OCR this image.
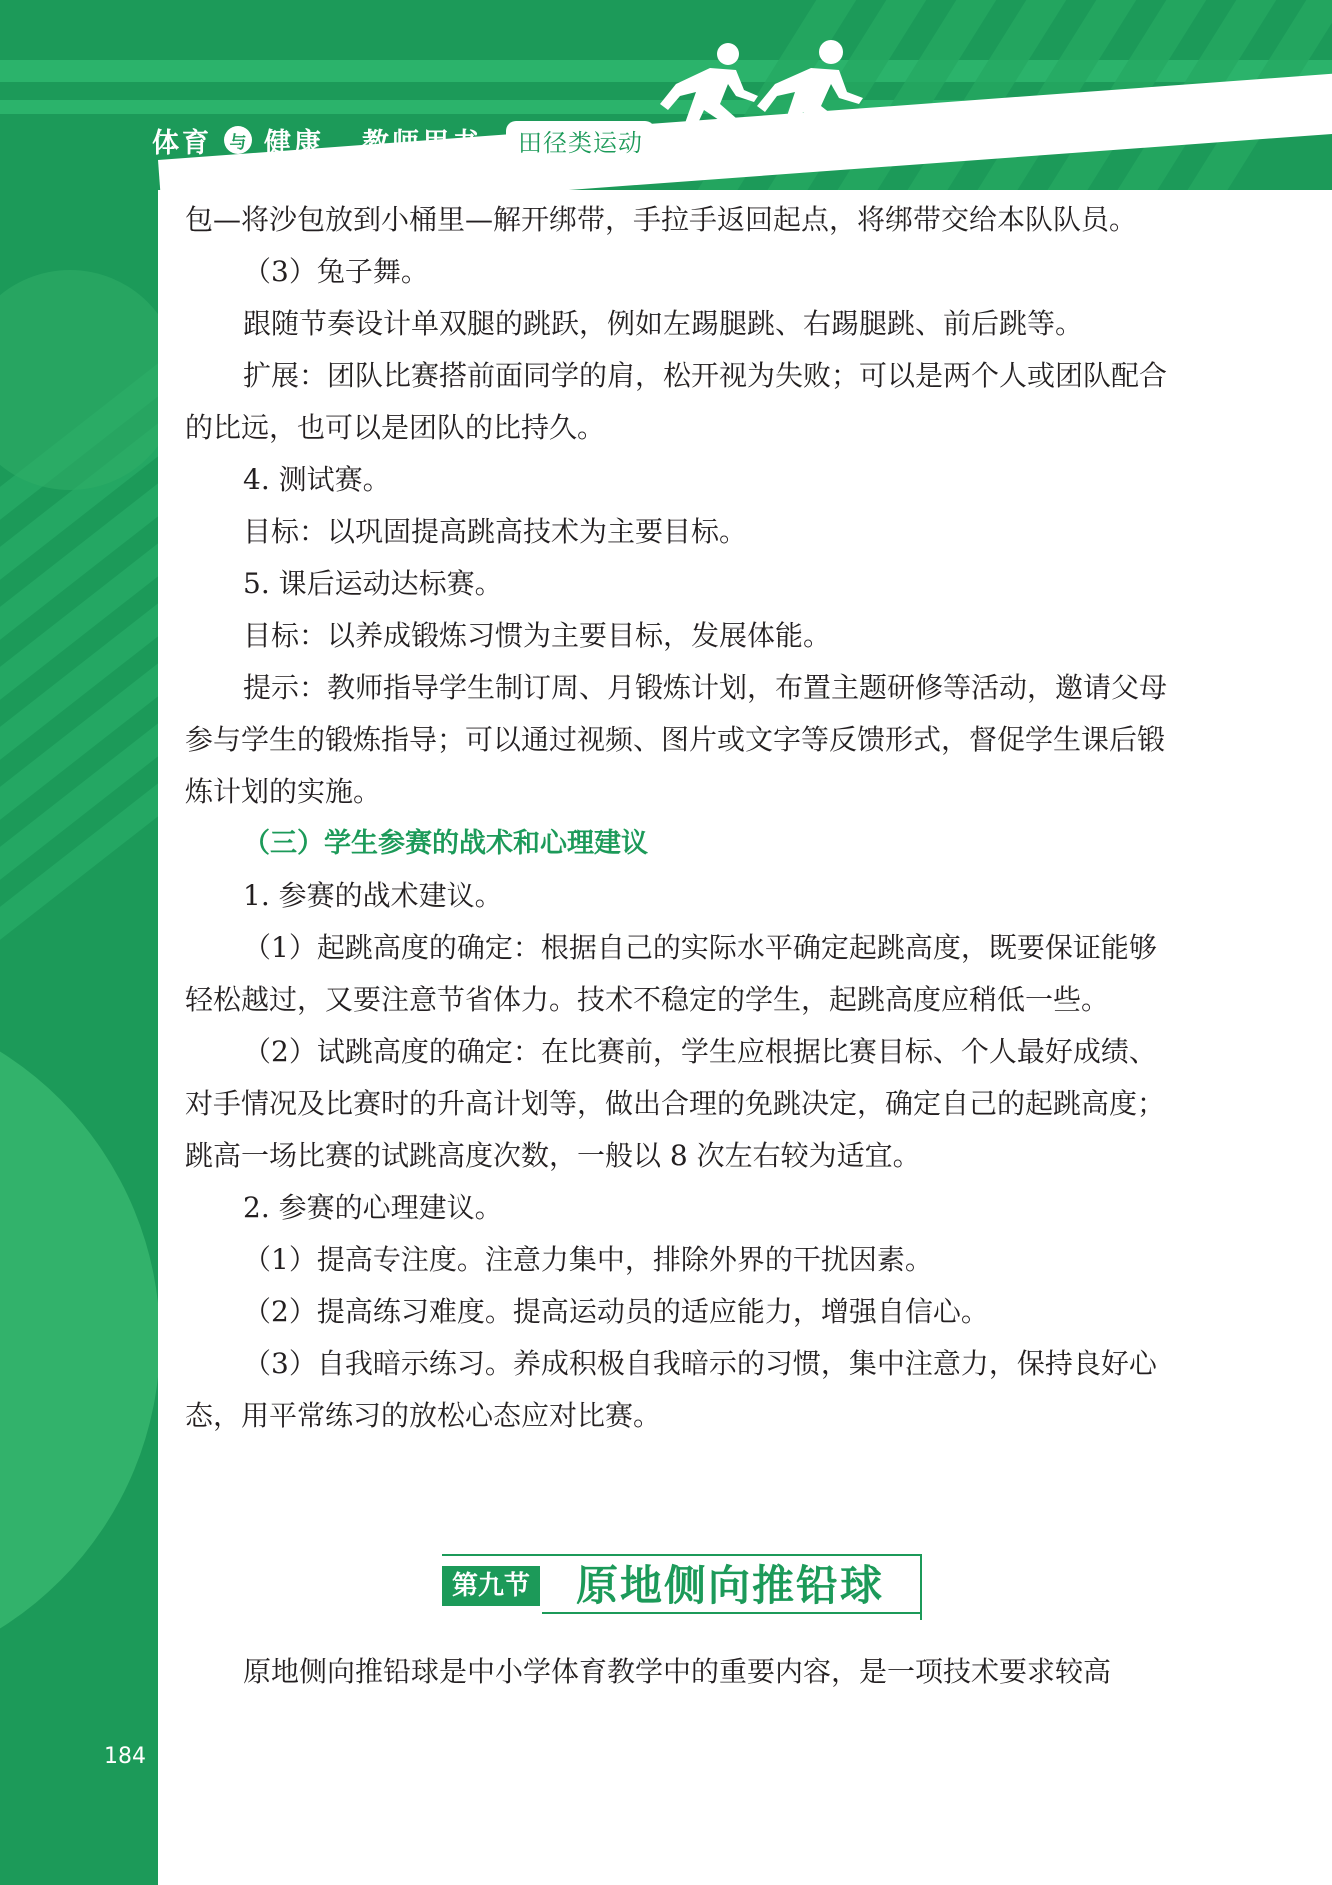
体育	与 健康 教师用书	田径类运动

包—将沙包放到小桶里—解开绑带，手拉手返回起点，将绑带交给本队队员。

（3）兔子舞。

跟随节奏设计单双腿的跳跃，例如左踢腿跳、右踢腿跳、前后跳等。

扩展：团队比赛搭前面同学的肩，松开视为失败；可以是两个人或团队配合的比远，也可以是团队的比持久。

4. 测试赛。

目标：以巩固提高跳高技术为主要目标。

5. 课后运动达标赛。

目标：以养成锻炼习惯为主要目标，发展体能。

提示：教师指导学生制订周、月锻炼计划，布置主题研修等活动，邀请父母参与学生的锻炼指导；可以通过视频、图片或文字等反馈形式，督促学生课后锻炼计划的实施。

（三）学生参赛的战术和心理建议

1. 参赛的战术建议。

（1）起跳高度的确定：根据自己的实际水平确定起跳高度，既要保证能够轻松越过，又要注意节省体力。技术不稳定的学生，起跳高度应稍低一些。

（2）试跳高度的确定：在比赛前，学生应根据比赛目标、个人最好成绩、对手情况及比赛时的升高计划等，做出合理的免跳决定，确定自己的起跳高度；跳高一场比赛的试跳高度次数，一般以 8 次左右较为适宜。

2. 参赛的心理建议。

（1）提高专注度。注意力集中，排除外界的干扰因素。

（2）提高练习难度。提高运动员的适应能力，增强自信心。

（3）自我暗示练习。养成积极自我暗示的习惯，集中注意力，保持良好心态，用平常练习的放松心态应对比赛。

第九节 原地侧向推铅球

原地侧向推铅球是中小学体育教学中的重要内容，是一项技术要求较高

184
